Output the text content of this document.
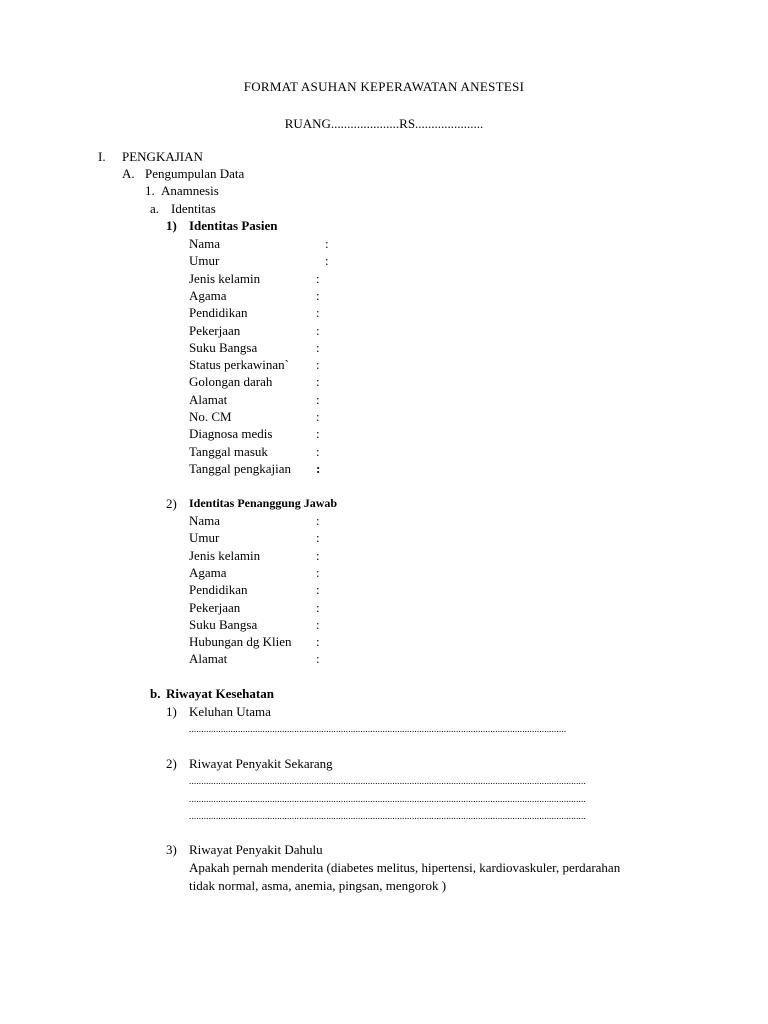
FORMAT ASUHAN KEPERAWATAN ANESTESI
RUANG.....................RS.....................
I. PENGKAJIAN
A. Pengumpulan Data
1. Anamnesis
a. Identitas
1) Identitas Pasien
Nama	:
Umur	:
Jenis kelamin	:
Agama	:
Pendidikan	:
Pekerjaan	:
Suku Bangsa	:
Status perkawinan` :
Golongan darah	:
Alamat	:
No. CM	:
Diagnosa medis	:
Tanggal masuk	:
Tanggal pengkajian :
2) Identitas Penanggung Jawab
Nama	:
Umur	:
Jenis kelamin	:
Agama	:
Pendidikan	:
Pekerjaan	:
Suku Bangsa	:
Hubungan dg Klien :
Alamat	:
b. Riwayat Kesehatan
1) Keluhan Utama
..........................................................................................................................................................
2) Riwayat Penyakit Sekarang
..................................................................................................................................................................
..................................................................................................................................................................
..................................................................................................................................................................
3) Riwayat Penyakit Dahulu
Apakah pernah menderita (diabetes melitus, hipertensi, kardiovaskuler, perdarahan
tidak normal, asma, anemia, pingsan, mengorok )
